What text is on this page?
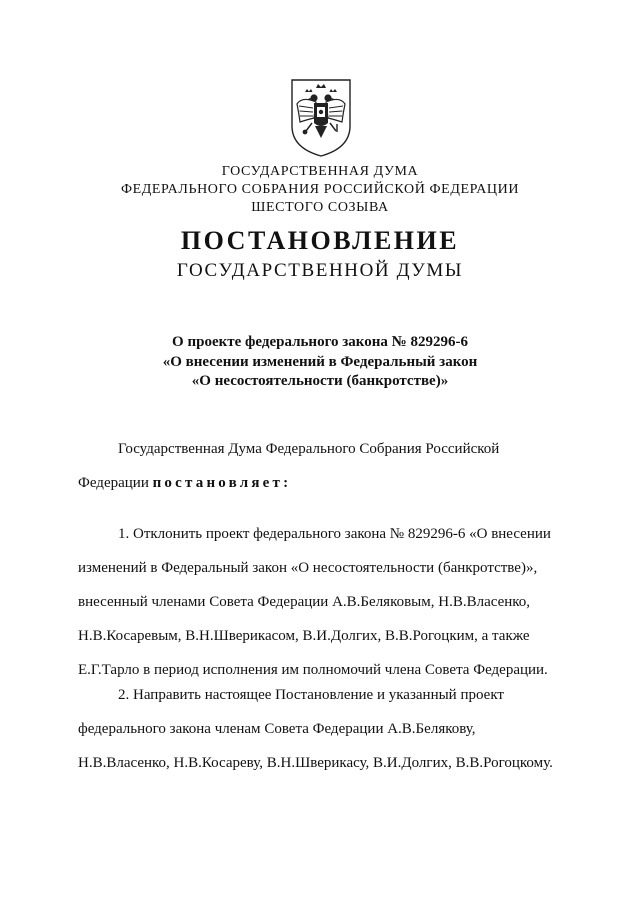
ГОСУДАРСТВЕННАЯ ДУМА
ФЕДЕРАЛЬНОГО СОБРАНИЯ РОССИЙСКОЙ ФЕДЕРАЦИИ
ШЕСТОГО СОЗЫВА
ПОСТАНОВЛЕНИЕ
ГОСУДАРСТВЕННОЙ ДУМЫ
О проекте федерального закона № 829296-6
«О внесении изменений в Федеральный закон
«О несостоятельности (банкротстве)»
Государственная Дума Федерального Собрания Российской
Федерации постановляет:
1. Отклонить проект федерального закона № 829296-6 «О внесении
изменений в Федеральный закон «О несостоятельности (банкротстве)»,
внесенный членами Совета Федерации А.В.Беляковым, Н.В.Власенко,
Н.В.Косаревым, В.Н.Шверикасом, В.И.Долгих, В.В.Рогоцким, а также
Е.Г.Тарло в период исполнения им полномочий члена Совета Федерации.
2. Направить настоящее Постановление и указанный проект
федерального закона членам Совета Федерации А.В.Белякову,
Н.В.Власенко, Н.В.Косареву, В.Н.Шверикасу, В.И.Долгих, В.В.Рогоцкому.
